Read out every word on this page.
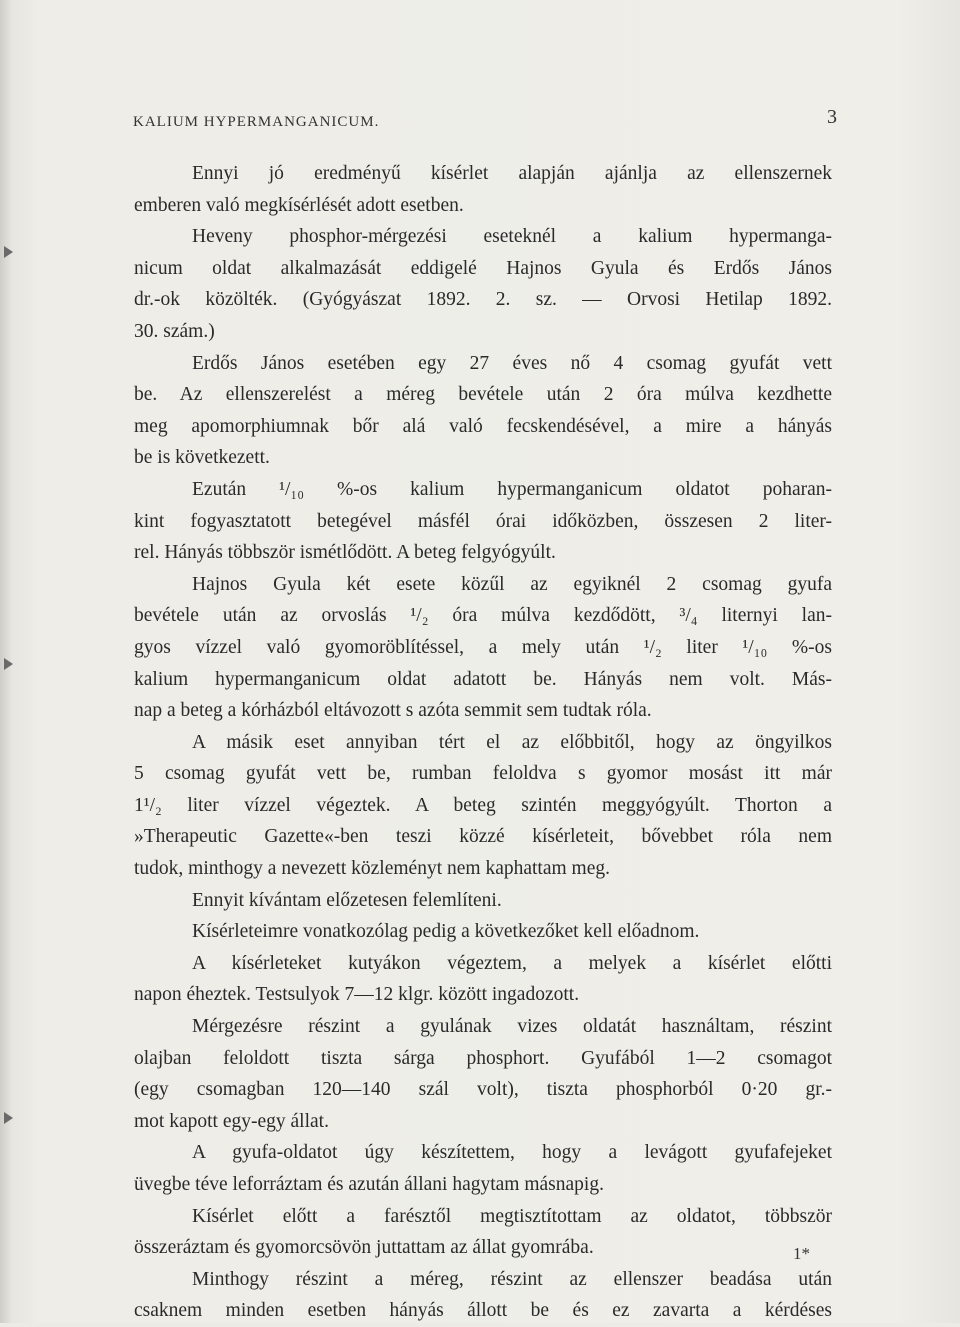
KALIUM HYPERMANGANICUM.	3
Ennyi jó eredményű kísérlet alapján ajánlja az ellenszernek
emberen való megkísérlését adott esetben.
Heveny phosphor-mérgezési eseteknél a kalium hypermanga-
nicum oldat alkalmazását eddigelé Hajnos Gyula és Erdős János
dr.-ok közölték. (Gyógyászat 1892. 2. sz. — Orvosi Hetilap 1892.
30. szám.)
Erdős János esetében egy 27 éves nő 4 csomag gyufát vett
be. Az ellenszerelést a méreg bevétele után 2 óra múlva kezdhette
meg apomorphiumnak bőr alá való fecskendésével, a mire a hányás
be is következett.
Ezután ¹/₁₀ %-os kalium hypermanganicum oldatot poharan-
kint fogyasztatott betegével másfél órai időközben, összesen 2 liter-
rel. Hányás többször ismétlődött. A beteg felgyógyúlt.
Hajnos Gyula két esete közűl az egyiknél 2 csomag gyufa
bevétele után az orvoslás ¹/₂ óra múlva kezdődött, ³/₄ liternyi lan-
gyos vízzel való gyomoröblítéssel, a mely után ¹/₂ liter ¹/₁₀ %-os
kalium hypermanganicum oldat adatott be. Hányás nem volt. Más-
nap a beteg a kórházból eltávozott s azóta semmit sem tudtak róla.
A másik eset annyiban tért el az előbbitől, hogy az öngyilkos
5 csomag gyufát vett be, rumban feloldva s gyomor mosást itt már
1¹/₂ liter vízzel végeztek. A beteg szintén meggyógyúlt. Thorton a
»Therapeutic Gazette«-ben teszi közzé kísérleteit, bővebbet róla nem
tudok, minthogy a nevezett közleményt nem kaphattam meg.
Ennyit kívántam előzetesen felemlíteni.
Kísérleteimre vonatkozólag pedig a következőket kell előadnom.
A kísérleteket kutyákon végeztem, a melyek a kísérlet előtti
napon éheztek. Testsulyok 7—12 klgr. között ingadozott.
Mérgezésre részint a gyulának vizes oldatát használtam, részint
olajban feloldott tiszta sárga phosphort. Gyufából 1—2 csomagot
(egy csomagban 120—140 szál volt), tiszta phosphorból 0·20 gr.-
mot kapott egy-egy állat.
A gyufa-oldatot úgy készítettem, hogy a levágott gyufafejeket
üvegbe téve leforráztam és azután állani hagytam másnapig.
Kísérlet előtt a farésztől megtisztítottam az oldatot, többször
összeráztam és gyomorcsövön juttattam az állat gyomrába.
Minthogy részint a méreg, részint az ellenszer beadása után
csaknem minden esetben hányás állott be és ez zavarta a kérdéses
1*
